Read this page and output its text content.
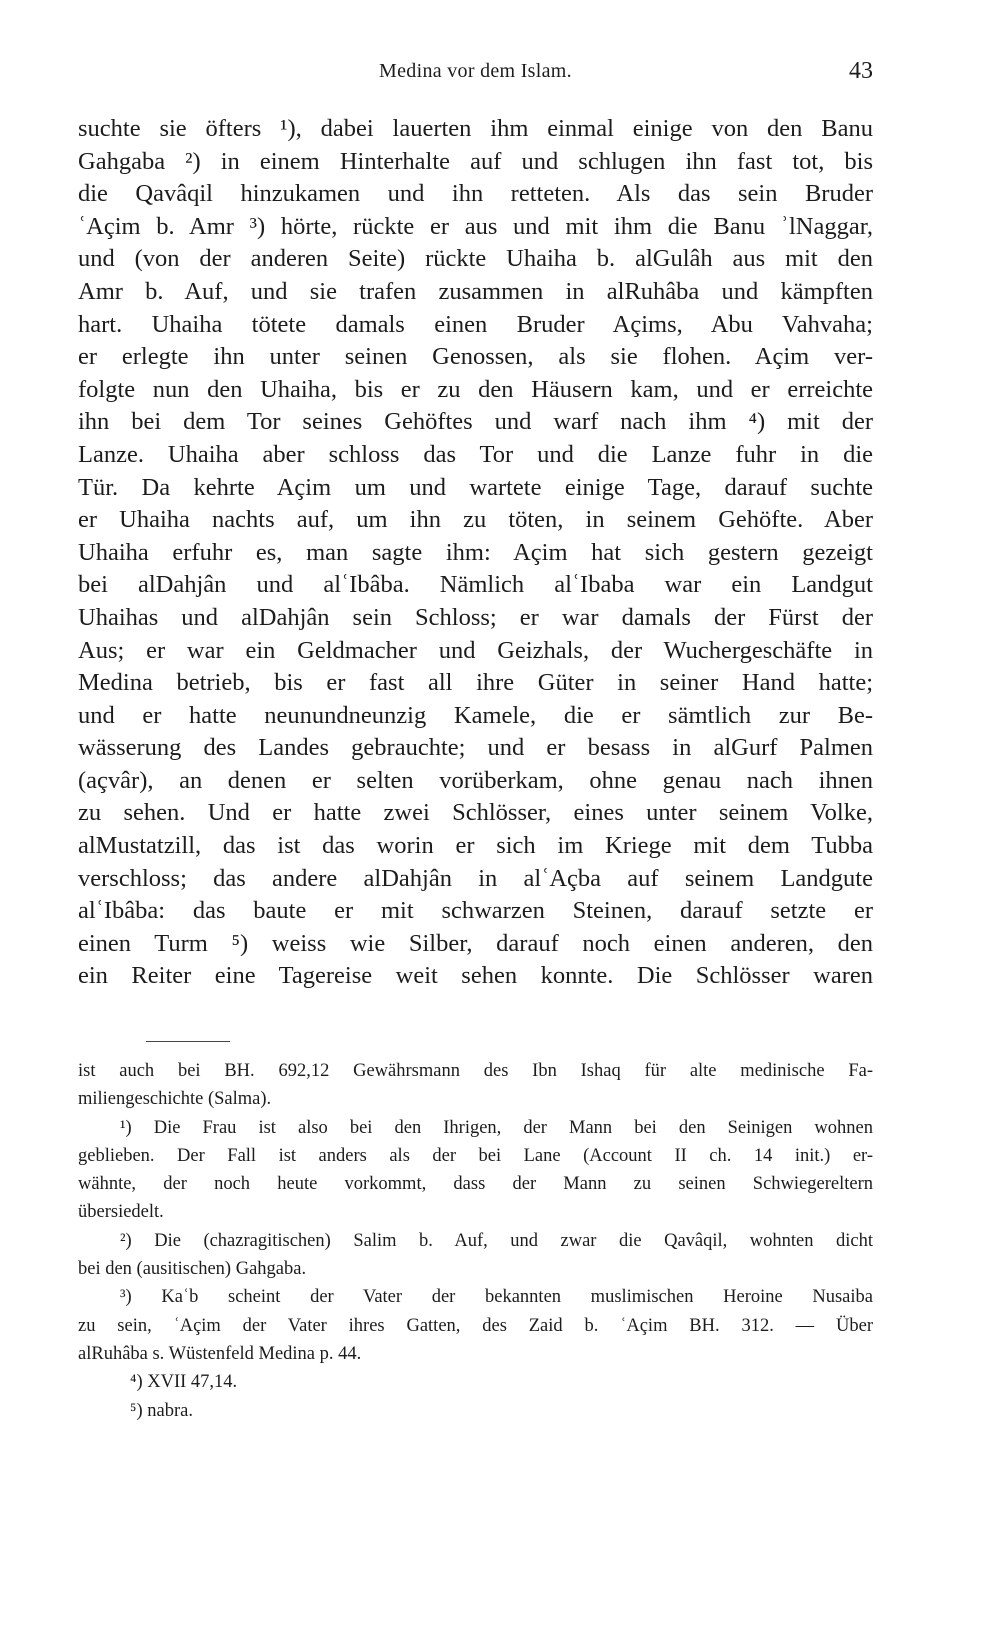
Medina vor dem Islam.	43
suchte sie öfters ¹), dabei lauerten ihm einmal einige von den Banu
Gahgaba ²) in einem Hinterhalte auf und schlugen ihn fast tot, bis
die Qavâqil hinzukamen und ihn retteten. Als das sein Bruder
ʿAçim b. Amr ³) hörte, rückte er aus und mit ihm die Banu ʾlNaggar,
und (von der anderen Seite) rückte Uhaiha b. alGulâh aus mit den
Amr b. Auf, und sie trafen zusammen in alRuhâba und kämpften
hart. Uhaiha tötete damals einen Bruder Açims, Abu Vahvaha;
er erlegte ihn unter seinen Genossen, als sie flohen. Açim ver-
folgte nun den Uhaiha, bis er zu den Häusern kam, und er erreichte
ihn bei dem Tor seines Gehöftes und warf nach ihm ⁴) mit der
Lanze. Uhaiha aber schloss das Tor und die Lanze fuhr in die
Tür. Da kehrte Açim um und wartete einige Tage, darauf suchte
er Uhaiha nachts auf, um ihn zu töten, in seinem Gehöfte. Aber
Uhaiha erfuhr es, man sagte ihm: Açim hat sich gestern gezeigt
bei alDahjân und alʿIbâba. Nämlich alʿIbaba war ein Landgut
Uhaihas und alDahjân sein Schloss; er war damals der Fürst der
Aus; er war ein Geldmacher und Geizhals, der Wuchergeschäfte in
Medina betrieb, bis er fast all ihre Güter in seiner Hand hatte;
und er hatte neunundneunzig Kamele, die er sämtlich zur Be-
wässerung des Landes gebrauchte; und er besass in alGurf Palmen
(açvâr), an denen er selten vorüberkam, ohne genau nach ihnen
zu sehen. Und er hatte zwei Schlösser, eines unter seinem Volke,
alMustatzill, das ist das worin er sich im Kriege mit dem Tubba
verschloss; das andere alDahjân in alʿAçba auf seinem Landgute
alʿIbâba: das baute er mit schwarzen Steinen, darauf setzte er
einen Turm ⁵) weiss wie Silber, darauf noch einen anderen, den
ein Reiter eine Tagereise weit sehen konnte. Die Schlösser waren
ist auch bei BH. 692,12 Gewährsmann des Ibn Ishaq für alte medinische Fa-
miliengeschichte (Salma).
¹) Die Frau ist also bei den Ihrigen, der Mann bei den Seinigen wohnen
geblieben. Der Fall ist anders als der bei Lane (Account II ch. 14 init.) er-
wähnte, der noch heute vorkommt, dass der Mann zu seinen Schwiegereltern
übersiedelt.
²) Die (chazragitischen) Salim b. Auf, und zwar die Qavâqil, wohnten dicht
bei den (ausitischen) Gahgaba.
³) Kaʿb scheint der Vater der bekannten muslimischen Heroine Nusaiba
zu sein, ʿAçim der Vater ihres Gatten, des Zaid b. ʿAçim BH. 312. — Über
alRuhâba s. Wüstenfeld Medina p. 44.
⁴) XVII 47,14.
⁵) nabra.
